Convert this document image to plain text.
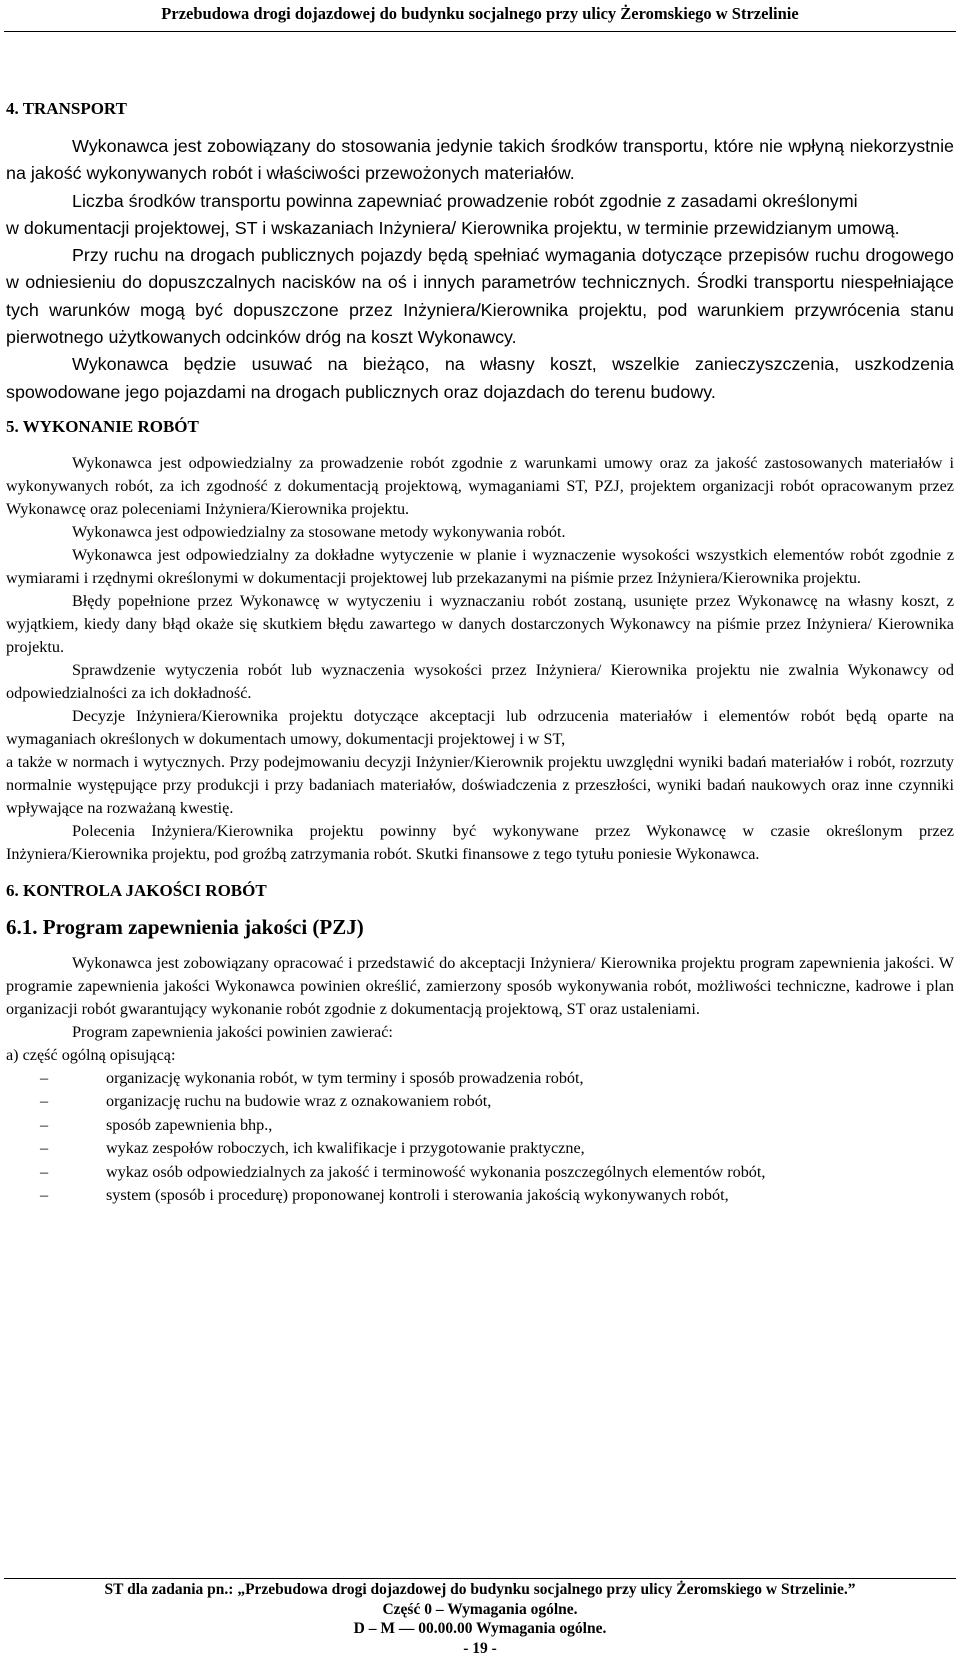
Przebudowa drogi dojazdowej do budynku socjalnego przy ulicy Żeromskiego w Strzelinie
4. TRANSPORT

Wykonawca jest zobowiązany do stosowania jedynie takich środków transportu, które nie wpłyną niekorzystnie na jakość wykonywanych robót i właściwości przewożonych materiałów.

Liczba środków transportu powinna zapewniać prowadzenie robót zgodnie z zasadami określonymi

w dokumentacji projektowej, ST i wskazaniach Inżyniera/ Kierownika projektu, w terminie przewidzianym umową.

Przy ruchu na drogach publicznych pojazdy będą spełniać wymagania dotyczące przepisów ruchu drogowego w odniesieniu do dopuszczalnych nacisków na oś i innych parametrów technicznych. Środki transportu niespełniające tych warunków mogą być dopuszczone przez Inżyniera/Kierownika projektu, pod warunkiem przywrócenia stanu pierwotnego użytkowanych odcinków dróg na koszt Wykonawcy.

Wykonawca będzie usuwać na bieżąco, na własny koszt, wszelkie zanieczyszczenia, uszkodzenia spowodowane jego pojazdami na drogach publicznych oraz dojazdach do terenu budowy.

5. WYKONANIE ROBÓT

Wykonawca jest odpowiedzialny za prowadzenie robót zgodnie z warunkami umowy oraz za jakość zastosowanych materiałów i wykonywanych robót, za ich zgodność z dokumentacją projektową, wymaganiami ST, PZJ, projektem organizacji robót opracowanym przez Wykonawcę oraz poleceniami Inżyniera/Kierownika projektu.

Wykonawca jest odpowiedzialny za stosowane metody wykonywania robót.

Wykonawca jest odpowiedzialny za dokładne wytyczenie w planie i wyznaczenie wysokości wszystkich elementów robót zgodnie z wymiarami i rzędnymi określonymi w dokumentacji projektowej lub przekazanymi na piśmie przez Inżyniera/Kierownika projektu.

Błędy popełnione przez Wykonawcę w wytyczeniu i wyznaczaniu robót zostaną, usunięte przez Wykonawcę na własny koszt, z wyjątkiem, kiedy dany błąd okaże się skutkiem błędu zawartego w danych dostarczonych Wykonawcy na piśmie przez Inżyniera/ Kierownika projektu.

Sprawdzenie wytyczenia robót lub wyznaczenia wysokości przez Inżyniera/ Kierownika projektu nie zwalnia Wykonawcy od odpowiedzialności za ich dokładność.

Decyzje Inżyniera/Kierownika projektu dotyczące akceptacji lub odrzucenia materiałów i elementów robót będą oparte na wymaganiach określonych w dokumentach umowy, dokumentacji projektowej i w ST,

a także w normach i wytycznych. Przy podejmowaniu decyzji Inżynier/Kierownik projektu uwzględni wyniki badań materiałów i robót, rozrzuty normalnie występujące przy produkcji i przy badaniach materiałów, doświadczenia z przeszłości, wyniki badań naukowych oraz inne czynniki wpływające na rozważaną kwestię.

Polecenia Inżyniera/Kierownika projektu powinny być wykonywane przez Wykonawcę w czasie określonym przez Inżyniera/Kierownika projektu, pod groźbą zatrzymania robót. Skutki finansowe z tego tytułu poniesie Wykonawca.

6. KONTROLA JAKOŚCI ROBÓT
6.1. Program zapewnienia jakości (PZJ)

Wykonawca jest zobowiązany opracować i przedstawić do akceptacji Inżyniera/ Kierownika projektu program zapewnienia jakości. W programie zapewnienia jakości Wykonawca powinien określić, zamierzony sposób wykonywania robót, możliwości techniczne, kadrowe i plan organizacji robót gwarantujący wykonanie robót zgodnie z dokumentacją projektową, ST oraz ustaleniami.

Program zapewnienia jakości powinien zawierać:

a) część ogólną opisującą:

–	organizację wykonania robót, w tym terminy i sposób prowadzenia robót,
–	organizację ruchu na budowie wraz z oznakowaniem robót,
–	sposób zapewnienia bhp.,
–	wykaz zespołów roboczych, ich kwalifikacje i przygotowanie praktyczne,
–	wykaz osób odpowiedzialnych za jakość i terminowość wykonania poszczególnych elementów robót,
–	system (sposób i procedurę) proponowanej kontroli i sterowania jakością wykonywanych robót,
ST dla zadania pn.: „Przebudowa drogi dojazdowej do budynku socjalnego przy ulicy Żeromskiego w Strzelinie.”
Część 0 – Wymagania ogólne.
D – M — 00.00.00 Wymagania ogólne.
- 19 -
